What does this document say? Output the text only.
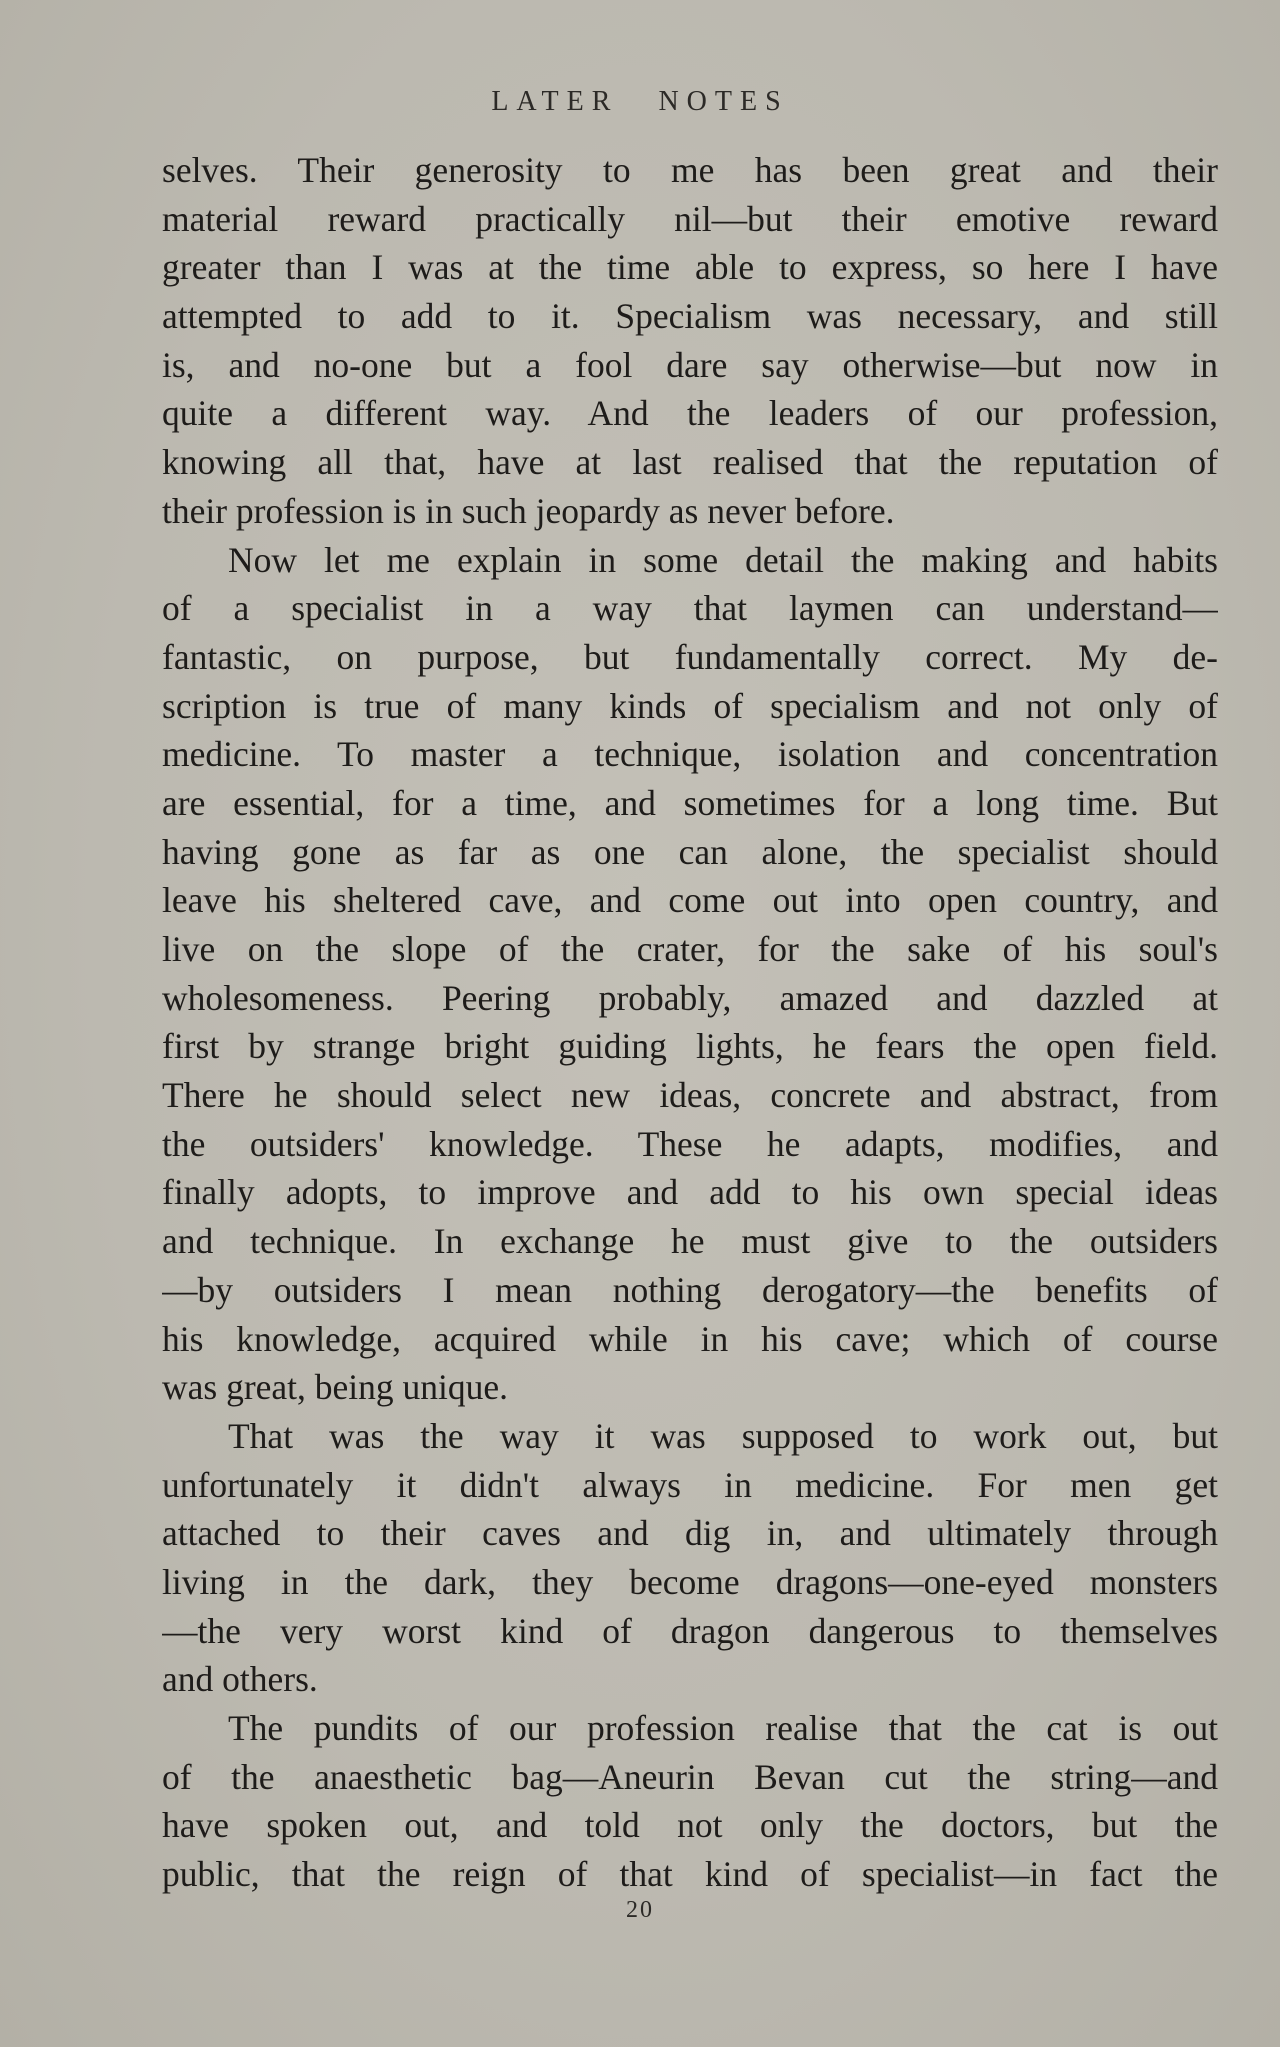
LATER NOTES
selves. Their generosity to me has been great and their
material reward practically nil—but their emotive reward
greater than I was at the time able to express, so here I have
attempted to add to it. Specialism was necessary, and still
is, and no-one but a fool dare say otherwise—but now in
quite a different way. And the leaders of our profession,
knowing all that, have at last realised that the reputation of
their profession is in such jeopardy as never before.
Now let me explain in some detail the making and habits
of a specialist in a way that laymen can understand—
fantastic, on purpose, but fundamentally correct. My de-
scription is true of many kinds of specialism and not only of
medicine. To master a technique, isolation and concentration
are essential, for a time, and sometimes for a long time. But
having gone as far as one can alone, the specialist should
leave his sheltered cave, and come out into open country, and
live on the slope of the crater, for the sake of his soul's
wholesomeness. Peering probably, amazed and dazzled at
first by strange bright guiding lights, he fears the open field.
There he should select new ideas, concrete and abstract, from
the outsiders' knowledge. These he adapts, modifies, and
finally adopts, to improve and add to his own special ideas
and technique. In exchange he must give to the outsiders
—by outsiders I mean nothing derogatory—the benefits of
his knowledge, acquired while in his cave; which of course
was great, being unique.
That was the way it was supposed to work out, but
unfortunately it didn't always in medicine. For men get
attached to their caves and dig in, and ultimately through
living in the dark, they become dragons—one-eyed monsters
—the very worst kind of dragon dangerous to themselves
and others.
The pundits of our profession realise that the cat is out
of the anaesthetic bag—Aneurin Bevan cut the string—and
have spoken out, and told not only the doctors, but the
public, that the reign of that kind of specialist—in fact the
20
